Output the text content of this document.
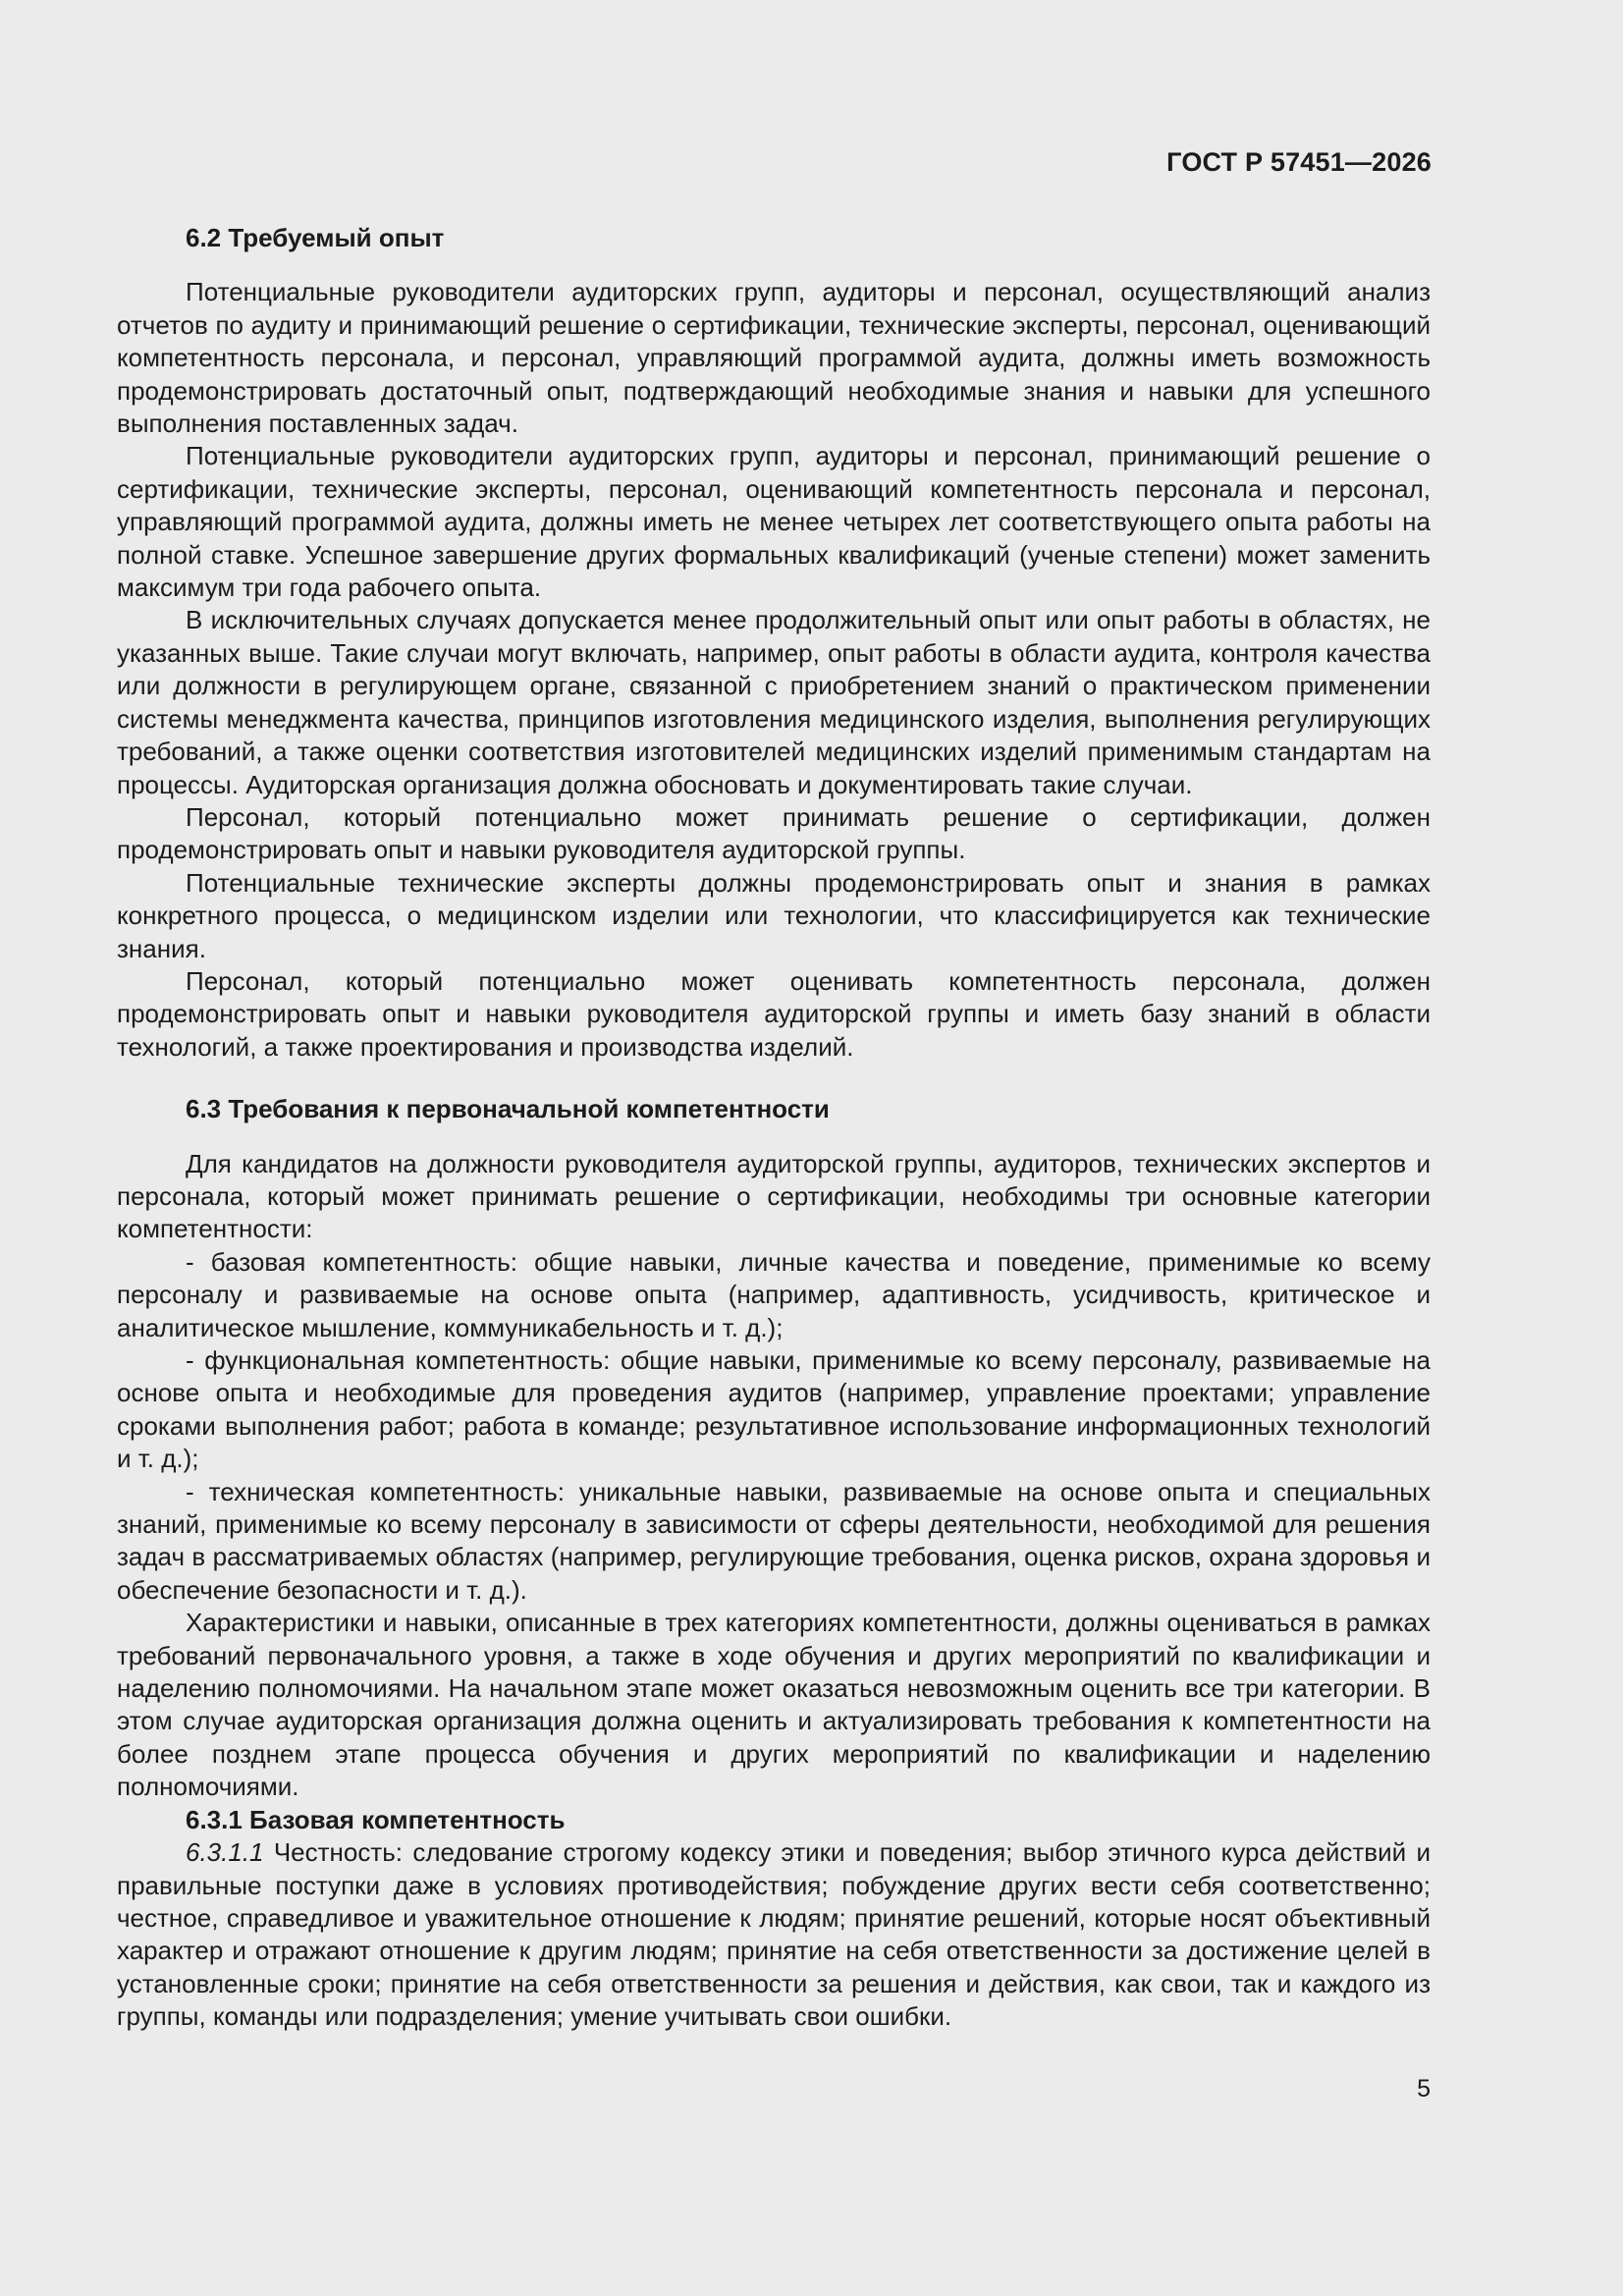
ГОСТ Р 57451—2026
6.2 Требуемый опыт

Потенциальные руководители аудиторских групп, аудиторы и персонал, осуществляющий анализ отчетов по аудиту и принимающий решение о сертификации, технические эксперты, персонал, оценивающий компетентность персонала, и персонал, управляющий программой аудита, должны иметь возможность продемонстрировать достаточный опыт, подтверждающий необходимые знания и навыки для успешного выполнения поставленных задач.

Потенциальные руководители аудиторских групп, аудиторы и персонал, принимающий решение о сертификации, технические эксперты, персонал, оценивающий компетентность персонала и персонал, управляющий программой аудита, должны иметь не менее четырех лет соответствующего опыта работы на полной ставке. Успешное завершение других формальных квалификаций (ученые степени) может заменить максимум три года рабочего опыта.

В исключительных случаях допускается менее продолжительный опыт или опыт работы в областях, не указанных выше. Такие случаи могут включать, например, опыт работы в области аудита, контроля качества или должности в регулирующем органе, связанной с приобретением знаний о практическом применении системы менеджмента качества, принципов изготовления медицинского изделия, выполнения регулирующих требований, а также оценки соответствия изготовителей медицинских изделий применимым стандартам на процессы. Аудиторская организация должна обосновать и документировать такие случаи.

Персонал, который потенциально может принимать решение о сертификации, должен продемонстрировать опыт и навыки руководителя аудиторской группы.

Потенциальные технические эксперты должны продемонстрировать опыт и знания в рамках конкретного процесса, о медицинском изделии или технологии, что классифицируется как технические знания.

Персонал, который потенциально может оценивать компетентность персонала, должен продемонстрировать опыт и навыки руководителя аудиторской группы и иметь базу знаний в области технологий, а также проектирования и производства изделий.

6.3 Требования к первоначальной компетентности

Для кандидатов на должности руководителя аудиторской группы, аудиторов, технических экспертов и персонала, который может принимать решение о сертификации, необходимы три основные категории компетентности:

- базовая компетентность: общие навыки, личные качества и поведение, применимые ко всему персоналу и развиваемые на основе опыта (например, адаптивность, усидчивость, критическое и аналитическое мышление, коммуникабельность и т. д.);

- функциональная компетентность: общие навыки, применимые ко всему персоналу, развиваемые на основе опыта и необходимые для проведения аудитов (например, управление проектами; управление сроками выполнения работ; работа в команде; результативное использование информационных технологий и т. д.);

- техническая компетентность: уникальные навыки, развиваемые на основе опыта и специальных знаний, применимые ко всему персоналу в зависимости от сферы деятельности, необходимой для решения задач в рассматриваемых областях (например, регулирующие требования, оценка рисков, охрана здоровья и обеспечение безопасности и т. д.).

Характеристики и навыки, описанные в трех категориях компетентности, должны оцениваться в рамках требований первоначального уровня, а также в ходе обучения и других мероприятий по квалификации и наделению полномочиями. На начальном этапе может оказаться невозможным оценить все три категории. В этом случае аудиторская организация должна оценить и актуализировать требования к компетентности на более позднем этапе процесса обучения и других мероприятий по квалификации и наделению полномочиями.

6.3.1 Базовая компетентность

6.3.1.1 Честность: следование строгому кодексу этики и поведения; выбор этичного курса действий и правильные поступки даже в условиях противодействия; побуждение других вести себя соответственно; честное, справедливое и уважительное отношение к людям; принятие решений, которые носят объективный характер и отражают отношение к другим людям; принятие на себя ответственности за достижение целей в установленные сроки; принятие на себя ответственности за решения и действия, как свои, так и каждого из группы, команды или подразделения; умение учитывать свои ошибки.

5
